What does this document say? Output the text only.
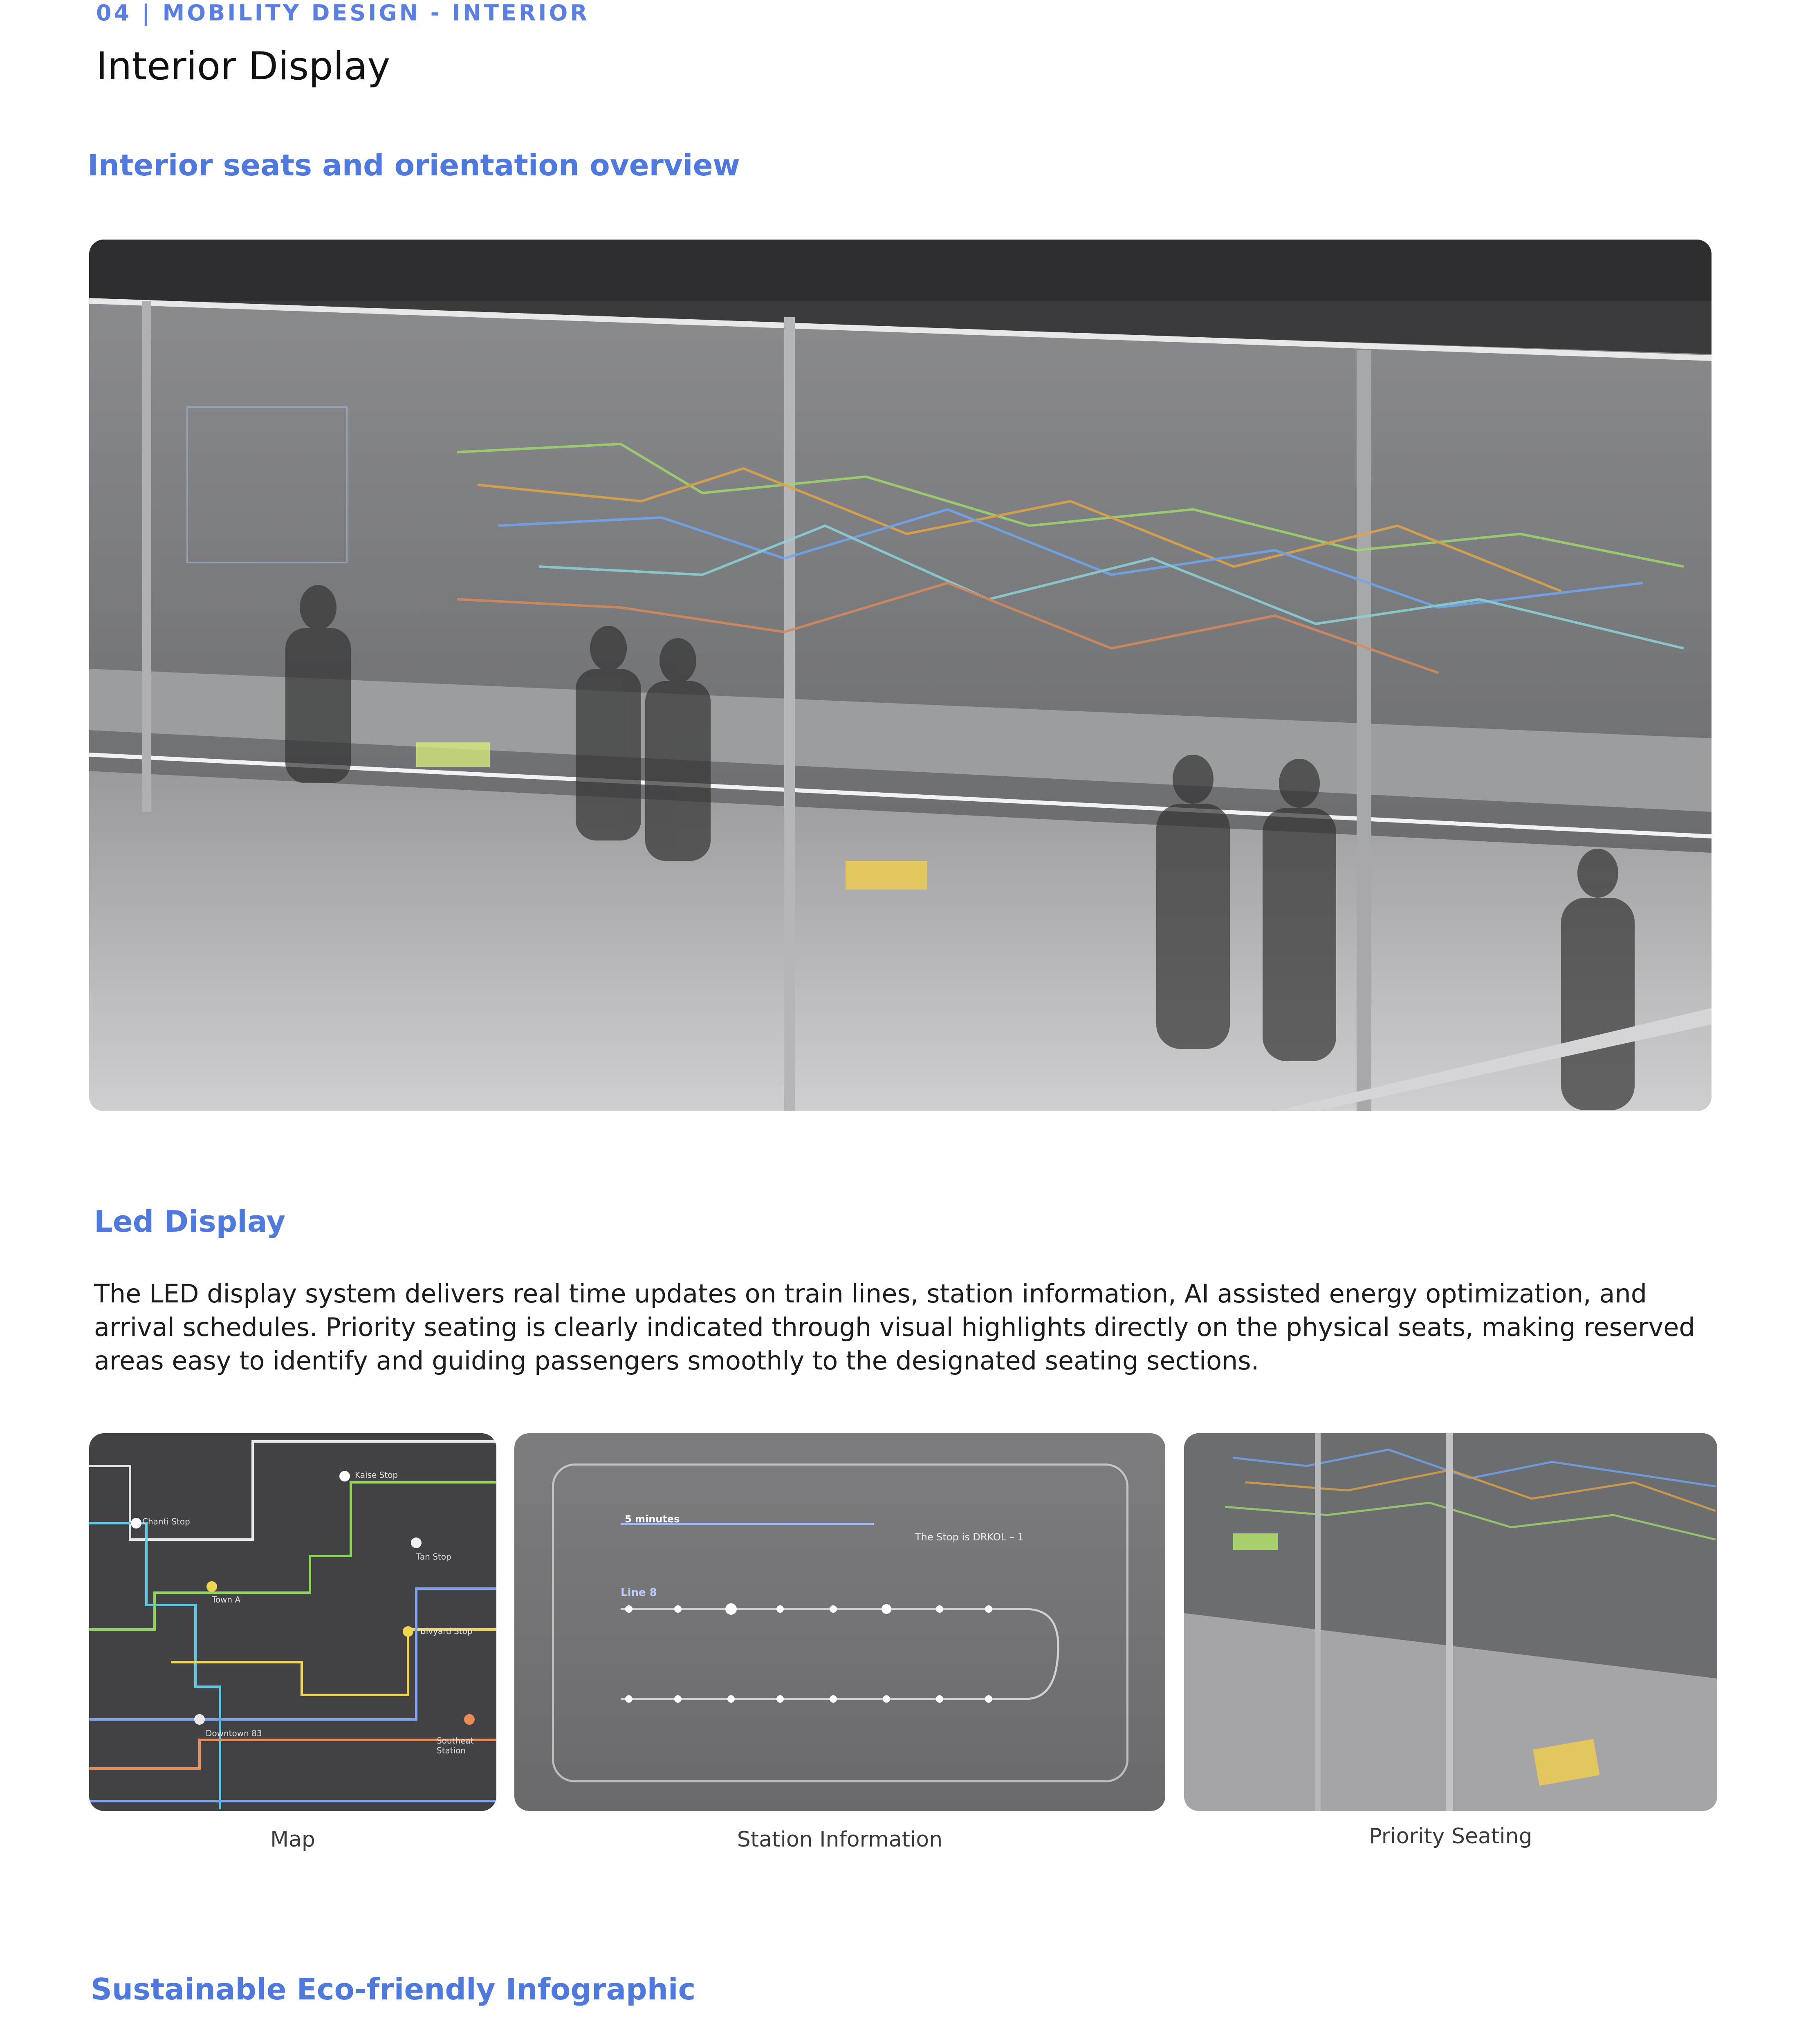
04 | MOBILITY DESIGN - INTERIOR
Interior Display
Interior seats and orientation overview
Led Display
The LED display system delivers real time updates on train lines, station information, AI assisted energy optimization, and arrival schedules. Priority seating is clearly indicated through visual highlights directly on the physical seats, making reserved areas easy to identify and guiding passengers smoothly to the designated seating sections.
Kaise Stop
Chanti Stop
Tan Stop
Town A
Bivyard Stop
Downtown 83
Southeat Station
5 minutes
The Stop is DRKOL – 1
Line 8
Map	Station Information	Priority Seating
Sustainable Eco-friendly Infographic
